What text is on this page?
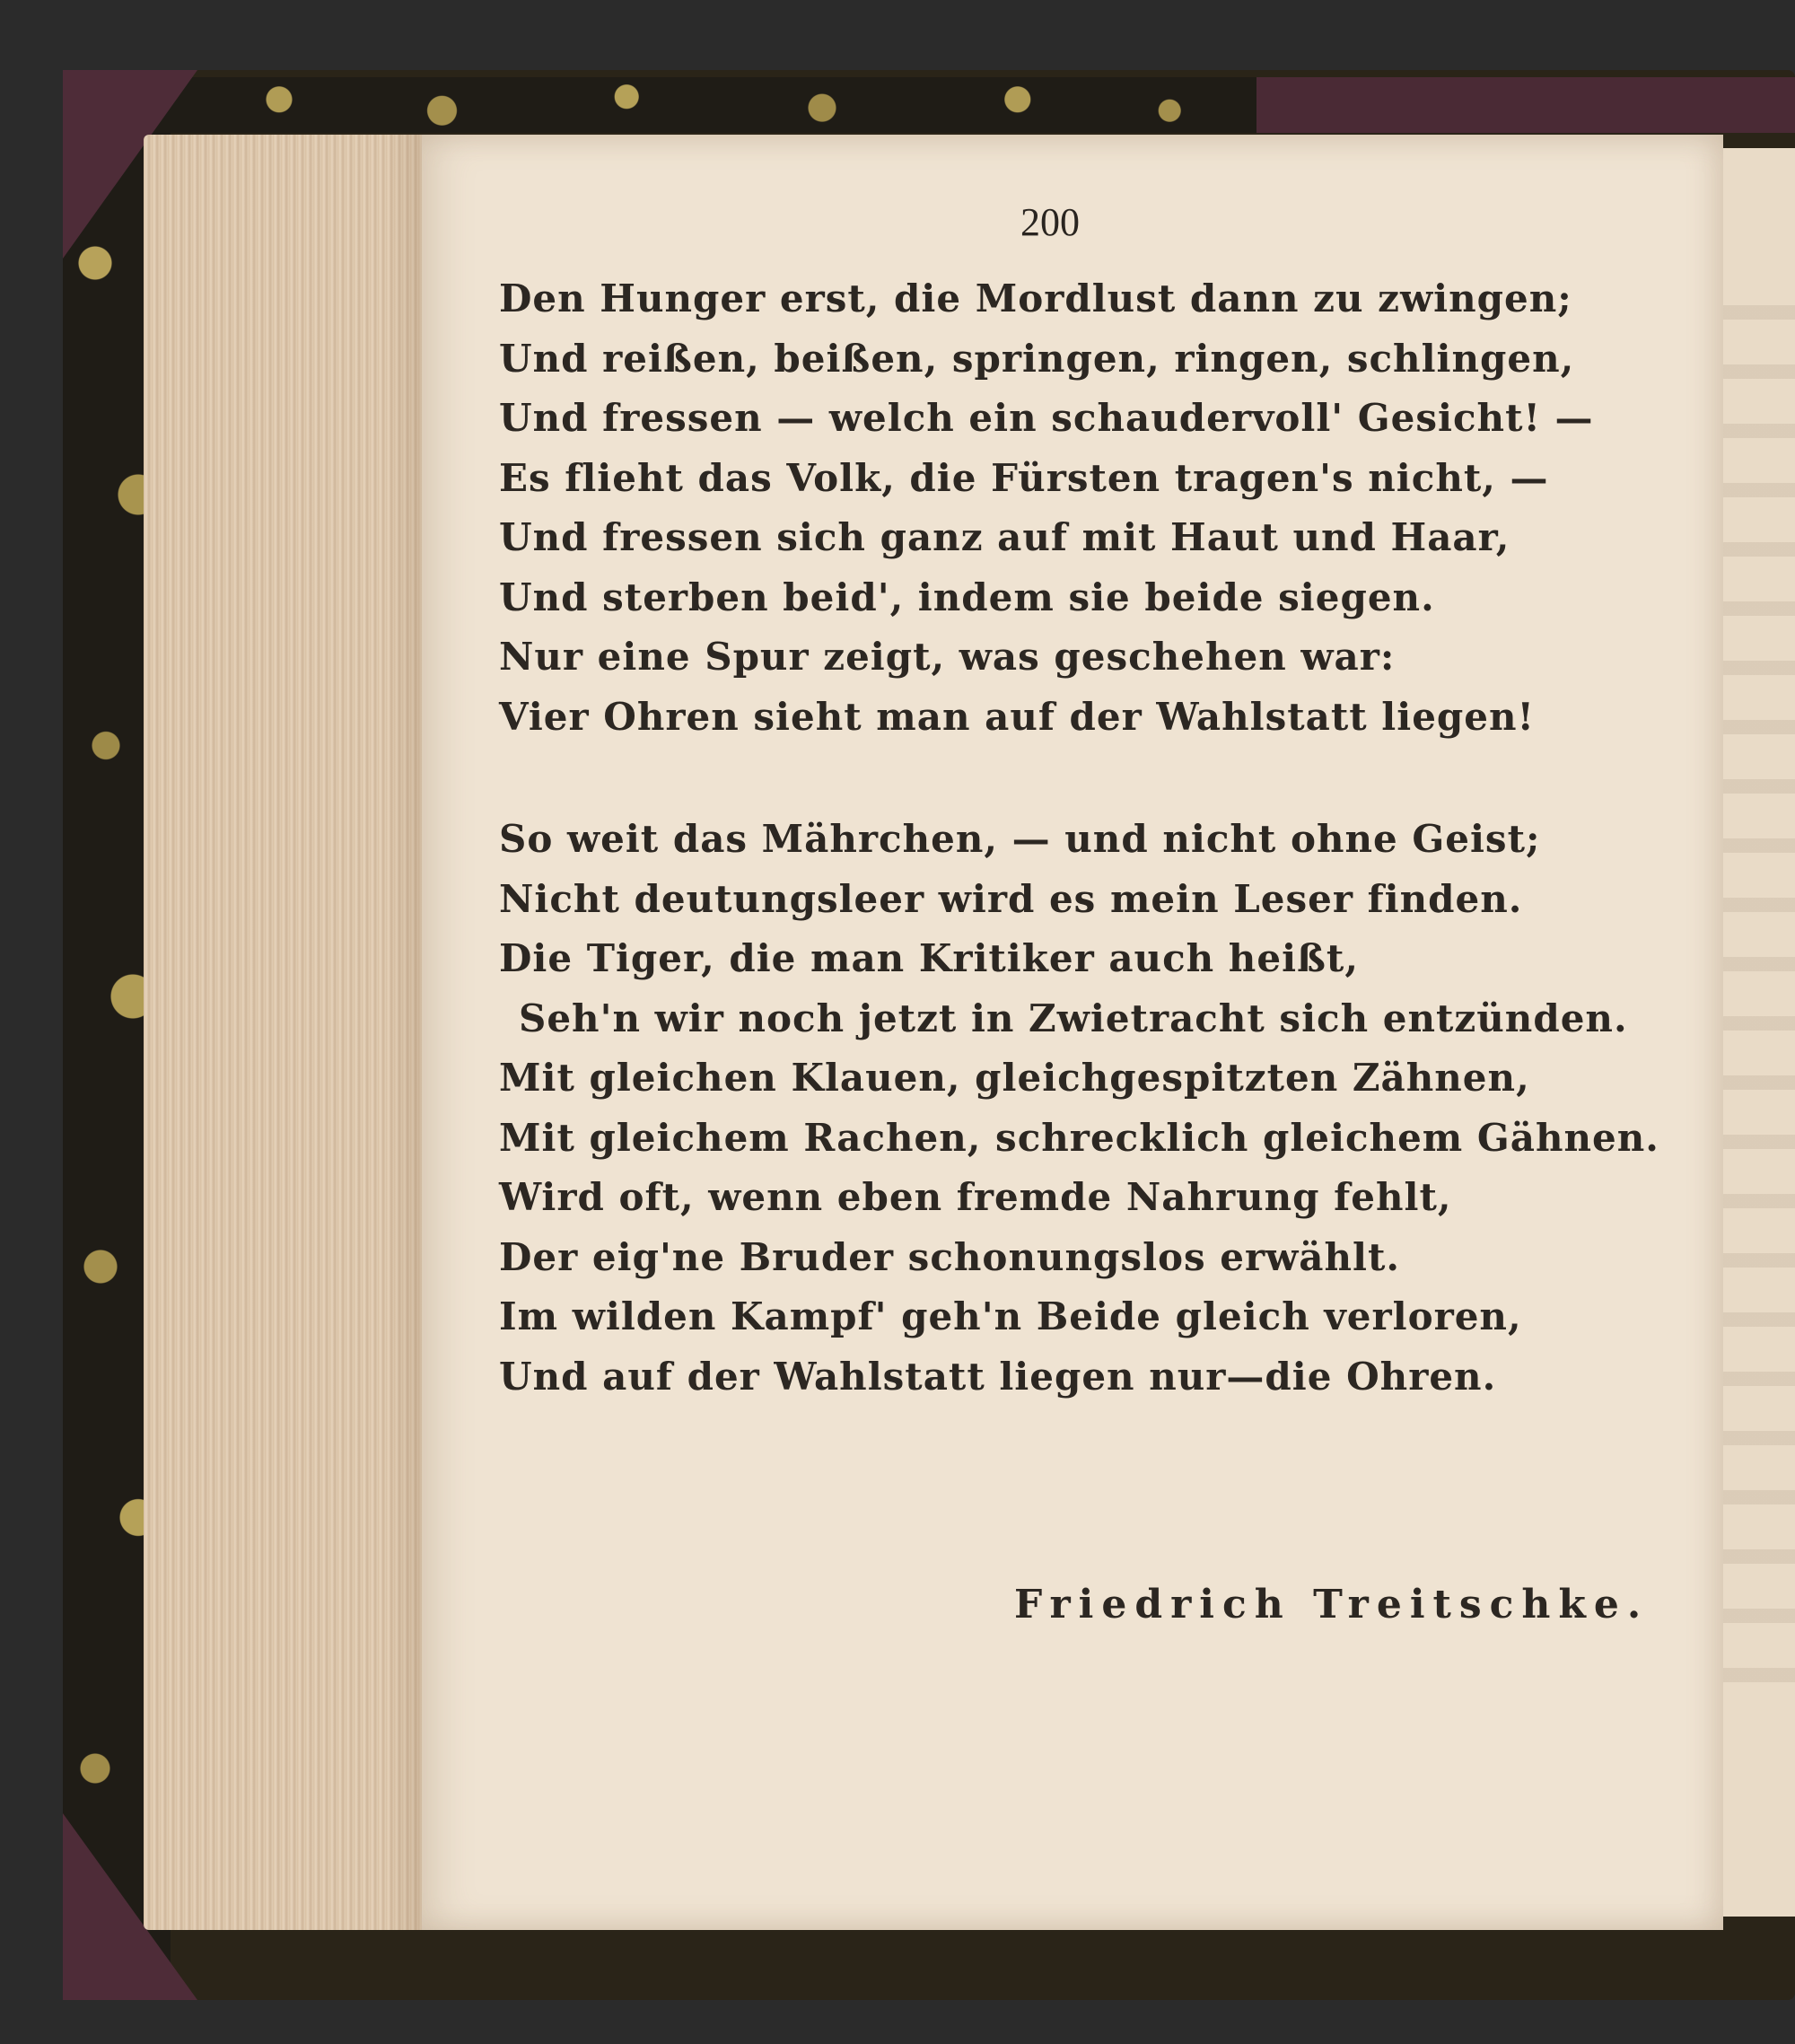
200
Den Hunger erst, die Mordlust dann zu zwingen;
Und reißen, beißen, springen, ringen, schlingen,
Und fressen — welch ein schaudervoll' Gesicht! —
Es flieht das Volk, die Fürsten tragen's nicht, —
Und fressen sich ganz auf mit Haut und Haar,
Und sterben beid', indem sie beide siegen.
Nur eine Spur zeigt, was geschehen war:
Vier Ohren sieht man auf der Wahlstatt liegen!
So weit das Mährchen, — und nicht ohne Geist;
Nicht deutungsleer wird es mein Leser finden.
Die Tiger, die man Kritiker auch heißt,
Seh'n wir noch jetzt in Zwietracht sich entzünden.
Mit gleichen Klauen, gleichgespitzten Zähnen,
Mit gleichem Rachen, schrecklich gleichem Gähnen.
Wird oft, wenn eben fremde Nahrung fehlt,
Der eig'ne Bruder schonungslos erwählt.
Im wilden Kampf' geh'n Beide gleich verloren,
Und auf der Wahlstatt liegen nur—die Ohren.
Friedrich Treitschke.
